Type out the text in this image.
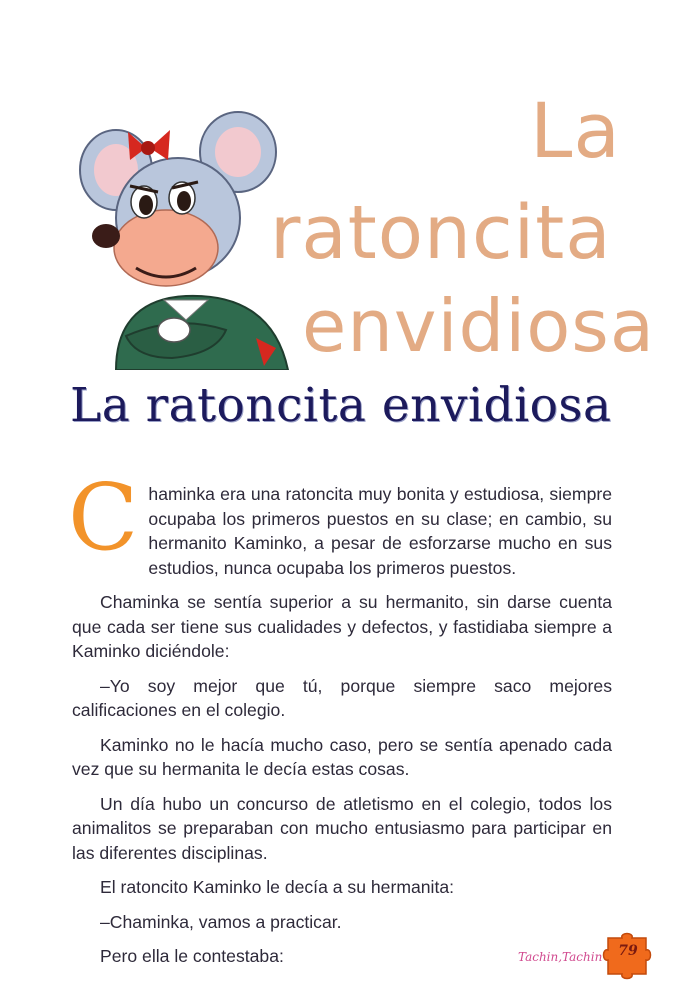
La
ratoncita
envidiosa
La ratoncita envidiosa

Chaminka era una ratoncita muy bonita y estudiosa, siempre ocupaba los primeros puestos en su clase; en cambio, su hermanito Kaminko, a pesar de esforzarse mucho en sus estudios, nunca ocupaba los primeros puestos.

Chaminka se sentía superior a su hermanito, sin darse cuenta que cada ser tiene sus cualidades y defectos, y fastidiaba siempre a Kaminko diciéndole:

–Yo soy mejor que tú, porque siempre saco mejores calificaciones en el colegio.

Kaminko no le hacía mucho caso, pero se sentía apenado cada vez que su hermanita le decía estas cosas.

Un día hubo un concurso de atletismo en el colegio, todos los animalitos se preparaban con mucho entusiasmo para participar en las diferentes disciplinas.

El ratoncito Kaminko le decía a su hermanita:

–Chaminka, vamos a practicar.

Pero ella le contestaba:	Tachin,Tachin	79
